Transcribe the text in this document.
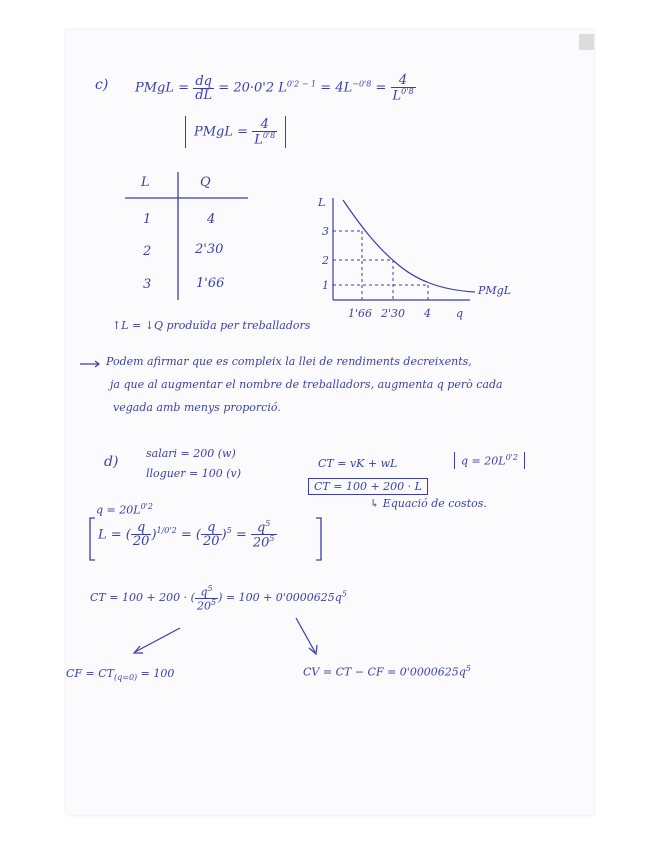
c) PMgL = $\frac{dq}{dL} = 20\cdot 0'2$ $L^{0'2 - 1} = 4L^{-0'8} = \frac{4}{L^{0'8}}$
PMgL = $\frac{4}{L^{0'8}}$
L	Q
1	4
2	2'30
3	1'66
L
3
2
1
1'66 2'30 4 q
PMgL
↑L = ↓Q produïda per treballadors
Podem afirmar que es compleix la llei de rendiments decreixents,
ja que al augmentar el nombre de treballadors, augmenta q però cada
vegada amb menys proporció.
d)
salari = 200 (w)
lloguer = 100 (v)
CT = vK + wL	$q = 20L^{0'2}$
CT = 100 + 200 · L
↳ Equació de costos.
$q = 20L^{0'2}$
L = ( $\frac{q}{20} )^{1/0'2}$ = ( $\frac{q}{20} )^5 = \frac{q^5}{20^5}$
CT = 100 + 200 · ( $\frac{q^5}{20^5}$ ) = $100 + 0'0000625q^5$
CF = $CT_{(q=0)} = 100$	CV = CT − CF = $0'0000625q^5$
